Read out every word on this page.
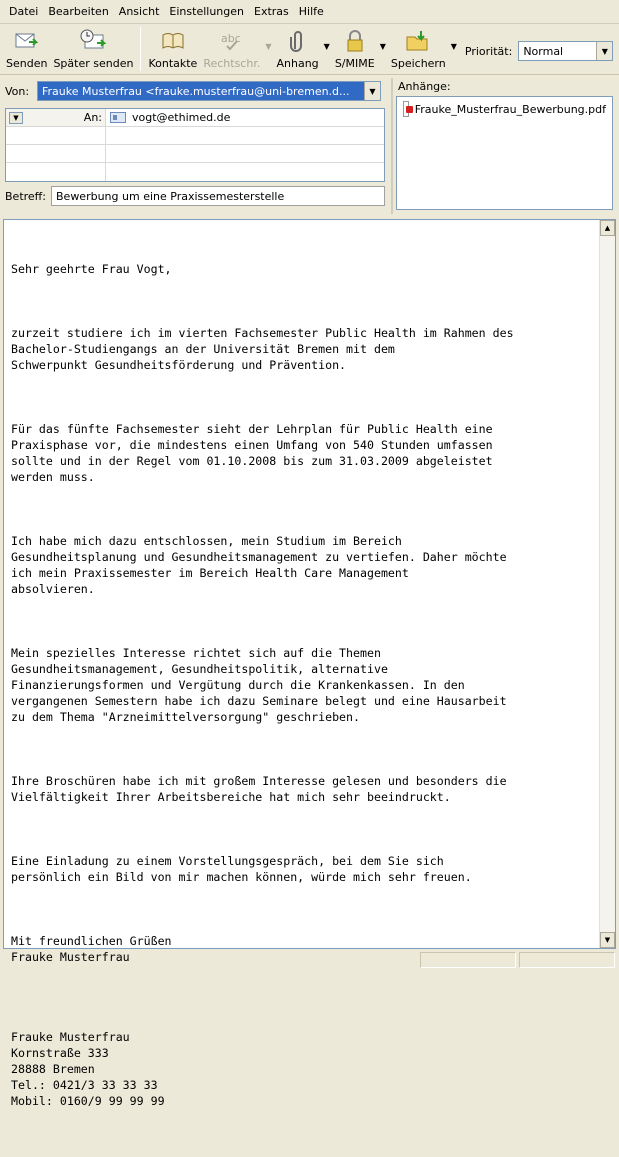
Datei Bearbeiten Ansicht Einstellungen Extras Hilfe
Senden Später senden Kontakte
abc
Rechtschr.
▼
Anhang
▼
S/MIME
▼
Speichern
▼ Priorität: Normal	▼
Von:	Frauke Musterfrau <frauke.musterfrau@uni-bremen.d...	▼
▼	An:	vogt@ethimed.de
Betreff: Bewerbung um eine Praxissemesterstelle
Anhänge:
Frauke_Musterfrau_Bewerbung.pdf

Sehr geehrte Frau Vogt,

zurzeit studiere ich im vierten Fachsemester Public Health im Rahmen des
Bachelor-Studiengangs an der Universität Bremen mit dem
Schwerpunkt Gesundheitsförderung und Prävention.

Für das fünfte Fachsemester sieht der Lehrplan für Public Health eine
Praxisphase vor, die mindestens einen Umfang von 540 Stunden umfassen
sollte und in der Regel vom 01.10.2008 bis zum 31.03.2009 abgeleistet
werden muss.

Ich habe mich dazu entschlossen, mein Studium im Bereich
Gesundheitsplanung und Gesundheitsmanagement zu vertiefen. Daher möchte
ich mein Praxissemester im Bereich Health Care Management
absolvieren.

Mein spezielles Interesse richtet sich auf die Themen
Gesundheitsmanagement, Gesundheitspolitik, alternative
Finanzierungsformen und Vergütung durch die Krankenkassen. In den
vergangenen Semestern habe ich dazu Seminare belegt und eine Hausarbeit
zu dem Thema "Arzneimittelversorgung" geschrieben.

Ihre Broschüren habe ich mit großem Interesse gelesen und besonders die
Vielfältigkeit Ihrer Arbeitsbereiche hat mich sehr beeindruckt.

Eine Einladung zu einem Vorstellungsgespräch, bei dem Sie sich
persönlich ein Bild von mir machen können, würde mich sehr freuen.

Mit freundlichen Grüßen
Frauke Musterfrau

Frauke Musterfrau
Kornstraße 333
28888 Bremen
Tel.: 0421/3 33 33 33
Mobil: 0160/9 99 99 99

▲
▼
